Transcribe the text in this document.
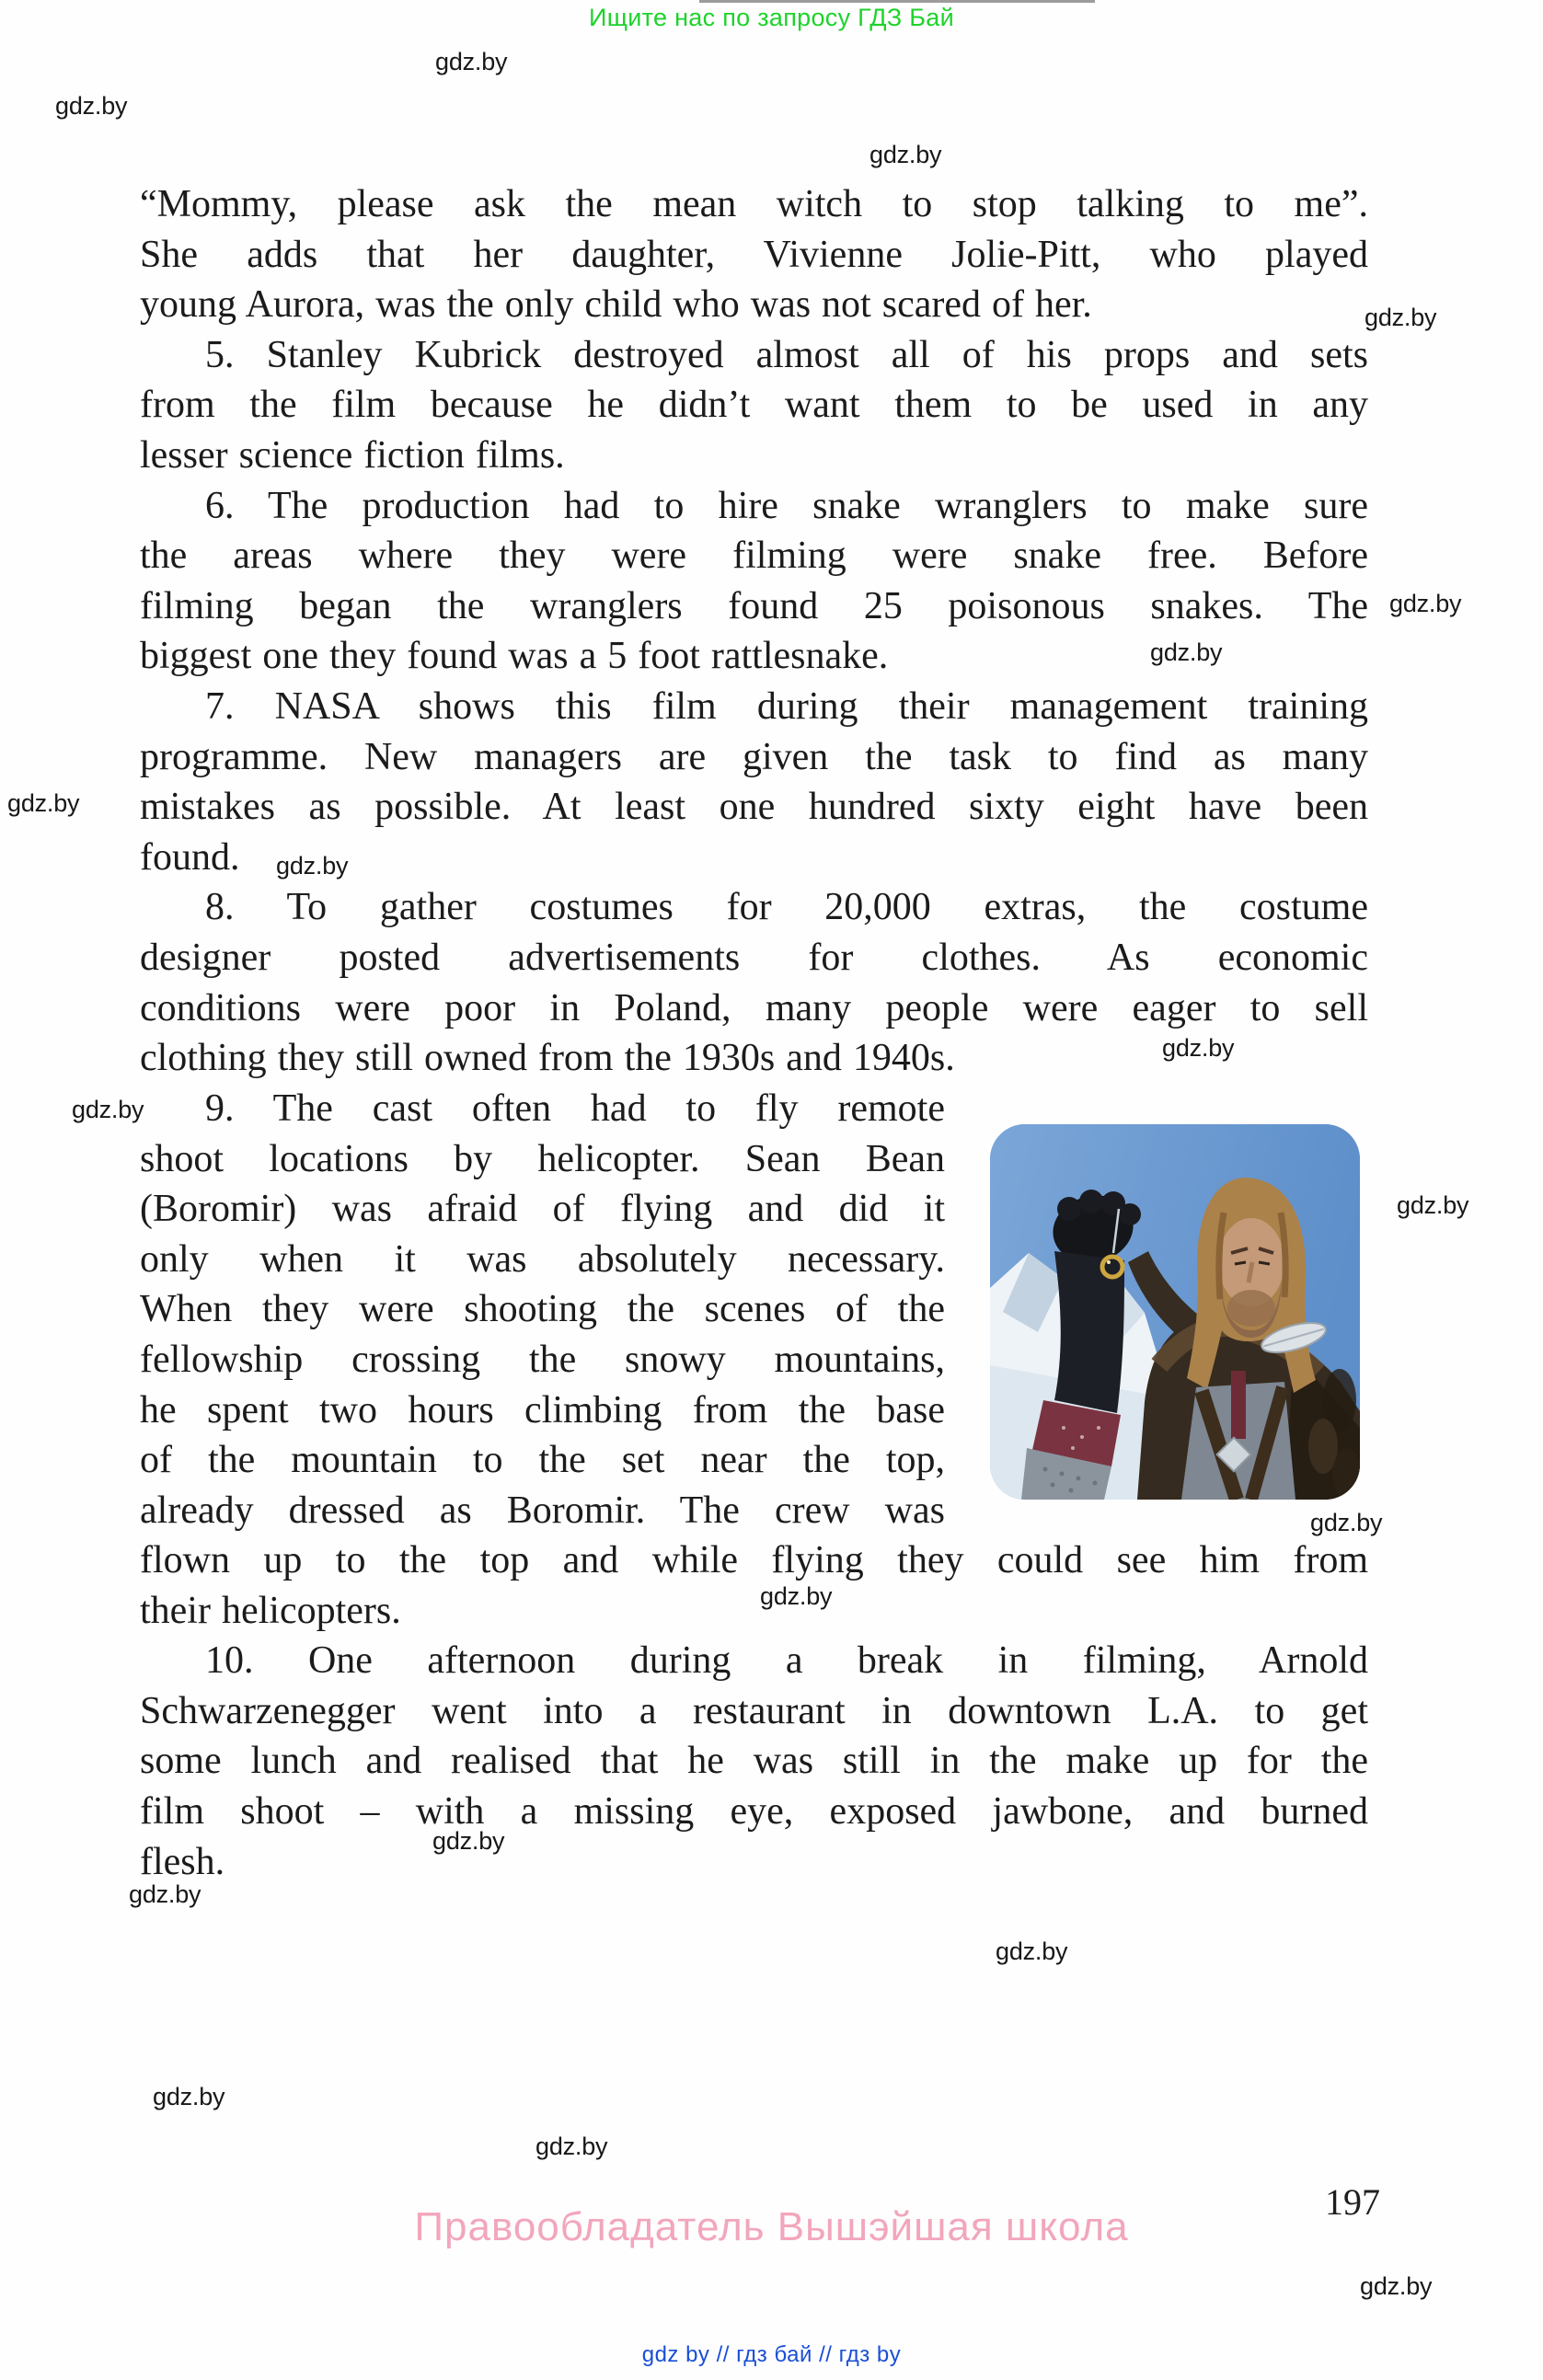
Ищите нас по запросу ГДЗ Бай
gdz.by
gdz.by
gdz.by
gdz.by
gdz.by
gdz.by
gdz.by
gdz.by
gdz.by
gdz.by
gdz.by
gdz.by
gdz.by
gdz.by
gdz.by
gdz.by
gdz.by
gdz.by
gdz.by
“Mommy, please ask the mean witch to stop talking to me”.
She adds that her daughter, Vivienne Jolie-Pitt, who played
young Aurora, was the only child who was not scared of her.
5. Stanley Kubrick destroyed almost all of his props and sets
from the film because he didn’t want them to be used in any
lesser science fiction films.
6. The production had to hire snake wranglers to make sure
the areas where they were filming were snake free. Before
filming began the wranglers found 25 poisonous snakes. The
biggest one they found was a 5 foot rattlesnake.
7. NASA shows this film during their management training
programme. New managers are given the task to find as many
mistakes as possible. At least one hundred sixty eight have been
found.
8. To gather costumes for 20,000 extras, the costume
designer posted advertisements for clothes. As economic
conditions were poor in Poland, many people were eager to sell
clothing they still owned from the 1930s and 1940s.
9. The cast often had to fly remote
shoot locations by helicopter. Sean Bean
(Boromir) was afraid of flying and did it
only when it was absolutely necessary.
When they were shooting the scenes of the
fellowship crossing the snowy mountains,
he spent two hours climbing from the base
of the mountain to the set near the top,
already dressed as Boromir. The crew was
flown up to the top and while flying they could see him from
their helicopters.
10. One afternoon during a break in filming, Arnold
Schwarzenegger went into a restaurant in downtown L.A. to get
some lunch and realised that he was still in the make up for the
film shoot – with a missing eye, exposed jawbone, and burned
flesh.
Правообладатель Вышэйшая школа
197
gdz by // гдз бай // гдз by
